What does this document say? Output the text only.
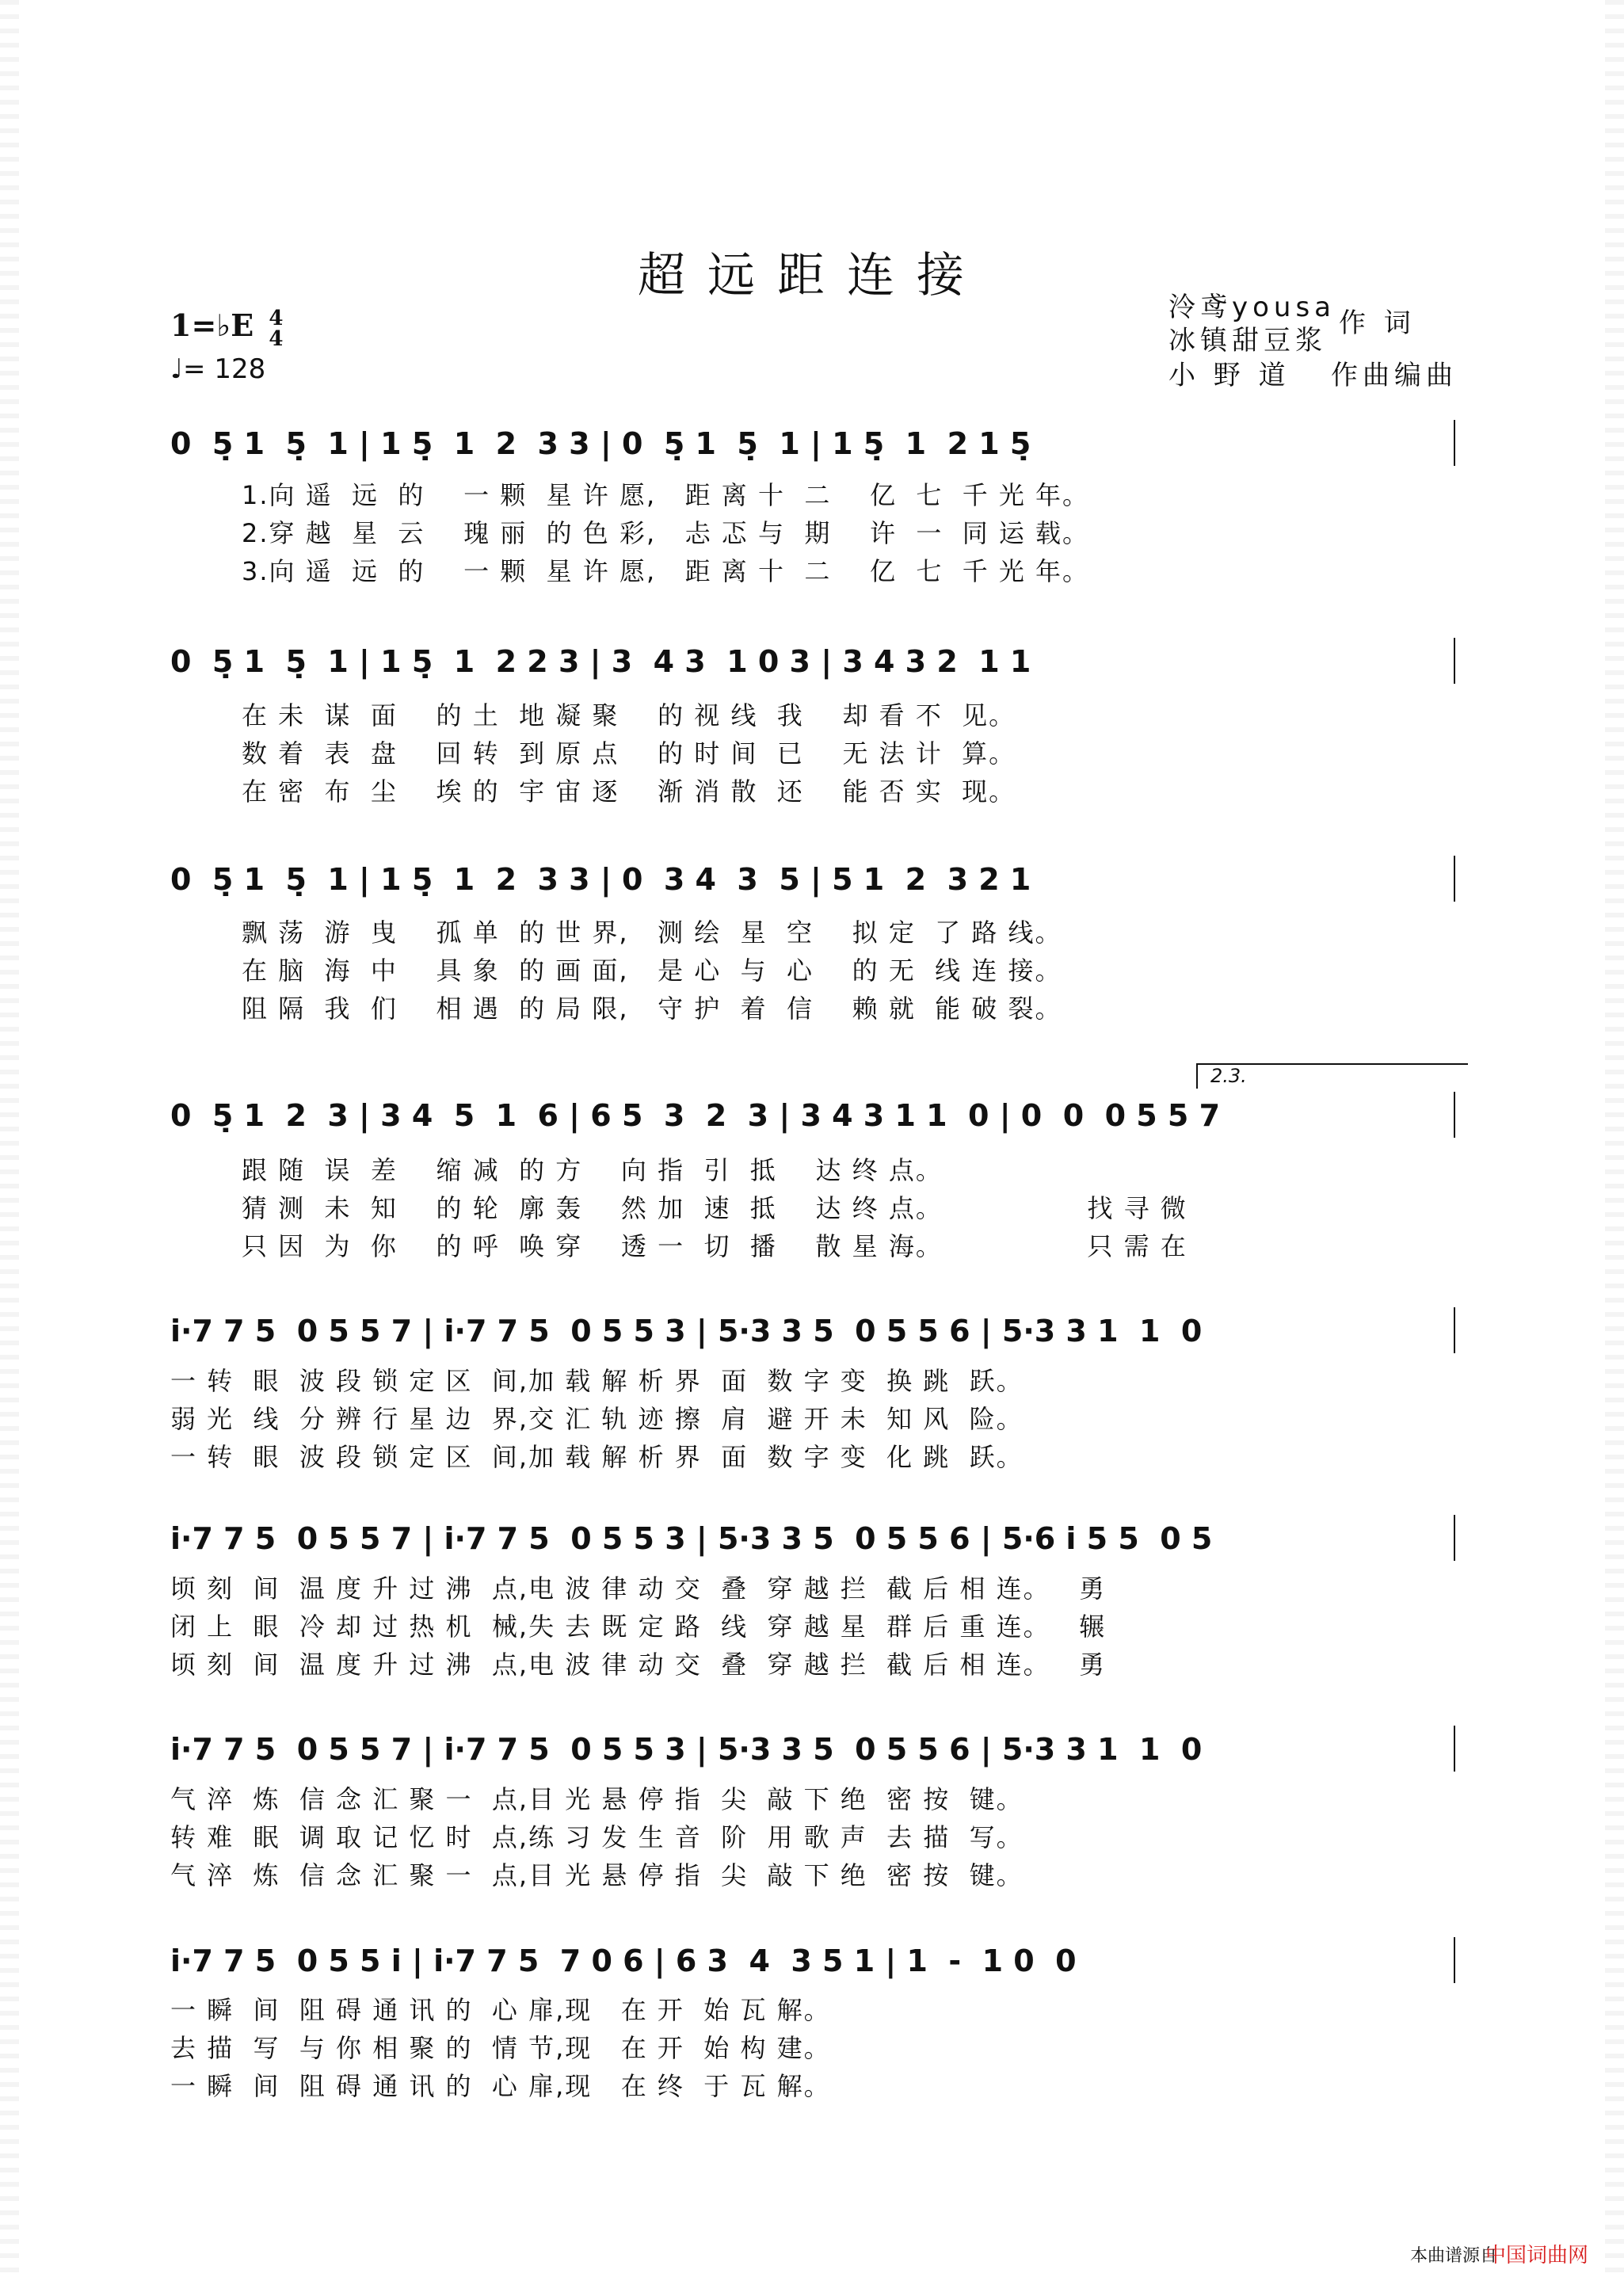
超远距连接
1=♭E 4
4
♩= 128
泠鸢yousa
冰镇甜豆浆
作 词
小 野 道 作曲编曲
0  5̣ 1  5̣  1 | 1 5̣  1  2  3 3 | 0  5̣ 1  5̣  1 | 1 5̣  1  2 1 5̣
1.向 遥  远  的    一 颗  星 许 愿,   距 离 十  二    亿  七  千 光 年。
2.穿 越  星  云    瑰 丽  的 色 彩,   忐 忑 与  期    许  一  同 运 载。
3.向 遥  远  的    一 颗  星 许 愿,   距 离 十  二    亿  七  千 光 年。
0  5̣ 1  5̣  1 | 1 5̣  1  2 2 3 | 3  4 3  1 0 3 | 3 4 3 2  1 1
在 未  谋  面    的 土  地 凝 聚    的 视 线  我    却 看 不  见。
数 着  表  盘    回 转  到 原 点    的 时 间  已    无 法 计  算。
在 密  布  尘    埃 的  宇 宙 逐    渐 消 散  还    能 否 实  现。
0  5̣ 1  5̣  1 | 1 5̣  1  2  3 3 | 0  3 4  3  5 | 5 1  2  3 2 1
飘 荡  游  曳    孤 单  的 世 界,   测 绘  星  空    拟 定  了 路 线。
在 脑  海  中    具 象  的 画 面,   是 心  与  心    的 无  线 连 接。
阻 隔  我  们    相 遇  的 局 限,   守 护  着  信    赖 就  能 破 裂。
2.3.
0  5̣ 1  2  3 | 3 4  5  1  6 | 6 5  3  2  3 | 3 4 3 1 1  0 | 0  0  0 5 5 7
跟 随  误  差    缩 减  的 方    向 指  引  抵    达 终 点。
猜 测  未  知    的 轮  廓 轰    然 加  速  抵    达 终 点。               找 寻 微
只 因  为  你    的 呼  唤 穿    透 一  切  播    散 星 海。               只 需 在
i·7 7 5  0 5 5 7 | i·7 7 5  0 5 5 3 | 5·3 3 5  0 5 5 6 | 5·3 3 1  1  0
一 转  眼  波 段 锁 定 区  间,加 载 解 析 界  面  数 字 变  换 跳  跃。
弱 光  线  分 辨 行 星 边  界,交 汇 轨 迹 擦  肩  避 开 未  知 风  险。
一 转  眼  波 段 锁 定 区  间,加 载 解 析 界  面  数 字 变  化 跳  跃。
i·7 7 5  0 5 5 7 | i·7 7 5  0 5 5 3 | 5·3 3 5  0 5 5 6 | 5·6 i 5 5  0 5
顷 刻  间  温 度 升 过 沸  点,电 波 律 动 交  叠  穿 越 拦  截 后 相 连。   勇
闭 上  眼  冷 却 过 热 机  械,失 去 既 定 路  线  穿 越 星  群 后 重 连。   辗
顷 刻  间  温 度 升 过 沸  点,电 波 律 动 交  叠  穿 越 拦  截 后 相 连。   勇
i·7 7 5  0 5 5 7 | i·7 7 5  0 5 5 3 | 5·3 3 5  0 5 5 6 | 5·3 3 1  1  0
气 淬  炼  信 念 汇 聚 一  点,目 光 悬 停 指  尖  敲 下 绝  密 按  键。
转 难  眠  调 取 记 忆 时  点,练 习 发 生 音  阶  用 歌 声  去 描  写。
气 淬  炼  信 念 汇 聚 一  点,目 光 悬 停 指  尖  敲 下 绝  密 按  键。
i·7 7 5  0 5 5 i | i·7 7 5  7 0 6 | 6 3  4  3 5 1 | 1  -  1 0  0
一 瞬  间  阻 碍 通 讯 的  心 扉,现   在 开  始 瓦 解。
去 描  写  与 你 相 聚 的  情 节,现   在 开  始 构 建。
一 瞬  间  阻 碍 通 讯 的  心 扉,现   在 终  于 瓦 解。
本曲谱源自
中国词曲网
